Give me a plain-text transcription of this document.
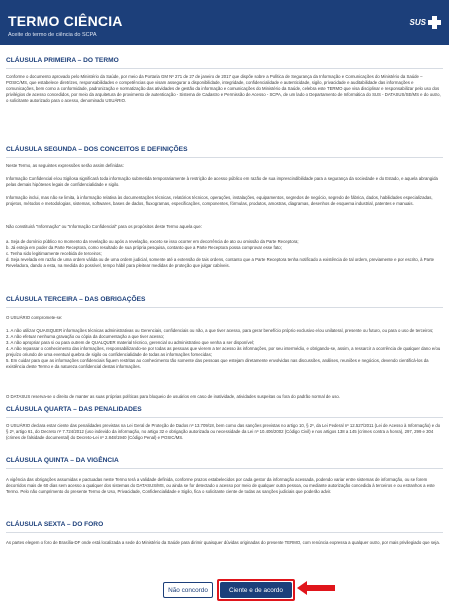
TERMO CIÊNCIA
Aceite do termo de ciência do SCPA
SUS
CLÁUSULA PRIMEIRA – DO TERMO
Conforme o documento aprovado pelo Ministério da Saúde, por meio da Portaria GM Nº 271 de 27 de janeiro de 2017 que dispõe sobre a Política de Segurança da Informação e Comunicações do Ministério da Saúde – POSIC/MS, que estabelece diretrizes, responsabilidades e competências que visam assegurar a disponibilidade, integridade, confidencialidade e autenticidade, sigilo, privacidade e auditabilidade das informações e comunicações, bem como a conformidade, padronização e normatização das atividades de gestão da informação e comunicações do Ministério da Saúde, celebra este TERMO que visa disciplinar e responsabilizar pelo uso dos privilégios de acesso concedidos, por meio da arquitetura de provimento de autenticação - Sistema de Cadastro e Permissão de Acesso - SCPA, de um lado o Departamento de Informática do SUS - DATASUS/SE/MS e do outro, o solicitante autorizado para o acesso, denominado USUÁRIO.
CLÁUSULA SEGUNDA – DOS CONCEITOS E DEFINIÇÕES
Neste Termo, as seguintes expressões serão assim definidas:
Informação Confidencial e/ou Sigilosa significará toda informação submetida temporariamente à restrição de acesso público em razão de sua imprescindibilidade para a segurança da sociedade e do Estado, e aquela abrangida pelas demais hipóteses legais de confidencialidade e sigilo.
Informação inclui, mas não se limita, à informação relativa às documentações técnicas, relatórios técnicos, operações, instalações, equipamentos, segredos de negócio, segredo de fábrica, dados, habilidades especializadas, projetos, métodos e metodologias, sistemas, softwares, bases de dados, fluxogramas, especificações, componentes, fórmulas, produtos, amostras, diagramas, desenhos de esquema industrial, patentes e manuais.
Não constituirá "Informação" ou "Informação Confidencial" para os propósitos deste Termo aquela que:
a. Seja de domínio público no momento da revelação ou após a revelação, exceto se isso ocorrer em decorrência de ato ou omissão da Parte Receptora;
b. Já esteja em poder da Parte Receptora, como resultado de sua própria pesquisa, contanto que a Parte Receptora possa comprovar esse fato;
c. Tenha sido legitimamente recebida de terceiros;
d. Seja revelada em razão de uma ordem válida ou de uma ordem judicial, somente até a extensão de tais ordens, contanto que a Parte Receptora tenha notificado a existência de tal ordem, previamente e por escrito, à Parte Reveladora, dando a esta, na medida do possível, tempo hábil para pleitear medidas de proteção que julgar cabíveis.
CLÁUSULA TERCEIRA – DAS OBRIGAÇÕES
O USUÁRIO compromete-se:
1. A não utilizar QUAISQUER informações técnicas administrativas ou Gerenciais, confidenciais ou não, a que tiver acesso, para gerar benefício próprio exclusivo e/ou unilateral, presente ou futuro, ou para o uso de terceiros;
2. A não efetuar nenhuma gravação ou cópia da documentação a que tiver acesso;
3. A não apropriar para si ou para outrem de QUALQUER material técnico, gerencial ou administrativo que venha a ser disponível;
4. A não repassar o conhecimento das informações, responsabilizando-se por todas as pessoas que vierem a ter acesso às informações, por seu intermédio, e obrigando-se, assim, a ressarcir a ocorrência de qualquer dano e/ou prejuízo oriundo de uma eventual quebra de sigilo ou confidencialidade de todas as informações fornecidas;
5. Em cuidar para que as informações confidenciais fiquem restritas ao conhecimento tão somente das pessoas que estejam diretamente envolvidas nas discussões, análises, reuniões e negócios, devendo cientificá-los da existência deste Termo e da natureza confidencial destas informações.
O DATASUS reserva-se o direito de manter as suas próprias políticas para bloqueio de usuários em caso de inatividade, atividades suspeitas ou fora do padrão normal de uso.
CLÁUSULA QUARTA – DAS PENALIDADES
O USUÁRIO declara estar ciente das penalidades previstas na Lei Geral de Proteção de Dados nº 13.709/18, bem como das sanções previstas no artigo 10, § 2º, da Lei Federal nº 12.527/2011 (Lei de Acesso à Informação) e do § 2º, artigo 61, do Decreto nº 7.724/2012 (uso indevido da informação, no artigo 32 e obrigação autorizada ou necessidade da Lei nº 10.406/2002 (Código Civil) e nos artigos 138 a 145 (crimes contra a honra), 297, 299 e 304 (crimes de falsidade documental) do Decreto-Lei nº 2.848/1940 (Código Penal) e POSIC/MS.
CLÁUSULA QUINTA – DA VIGÊNCIA
A vigência das obrigações assumidas e pactuadas neste Termo terá a validade definida, conforme prazos estabelecidos por cada gestor da informação acessada, podendo variar entre sistemas de informação, ou se forem decorridos mais de 60 dias sem acesso a qualquer dos sistemas do DATASUS/MS, ou ainda se for detectado o acesso por meio de qualquer outra pessoa, ou mediante autorização concedida à terceiros e ou estranhos a este Termo. Pelo não cumprimento do presente Termo de Uso, Privacidade, Confidencialidade e Sigilo, fica o solicitante ciente de todas as sanções judiciais que poderão advir.
CLÁUSULA SEXTA – DO FORO
As partes elegem o foro de Brasília-DF onde está localizada a sede do Ministério da Saúde para dirimir quaisquer dúvidas originadas do presente TERMO, com renúncia expressa a qualquer outro, por mais privilegiado que seja.
Não concordo	Ciente e de acordo
